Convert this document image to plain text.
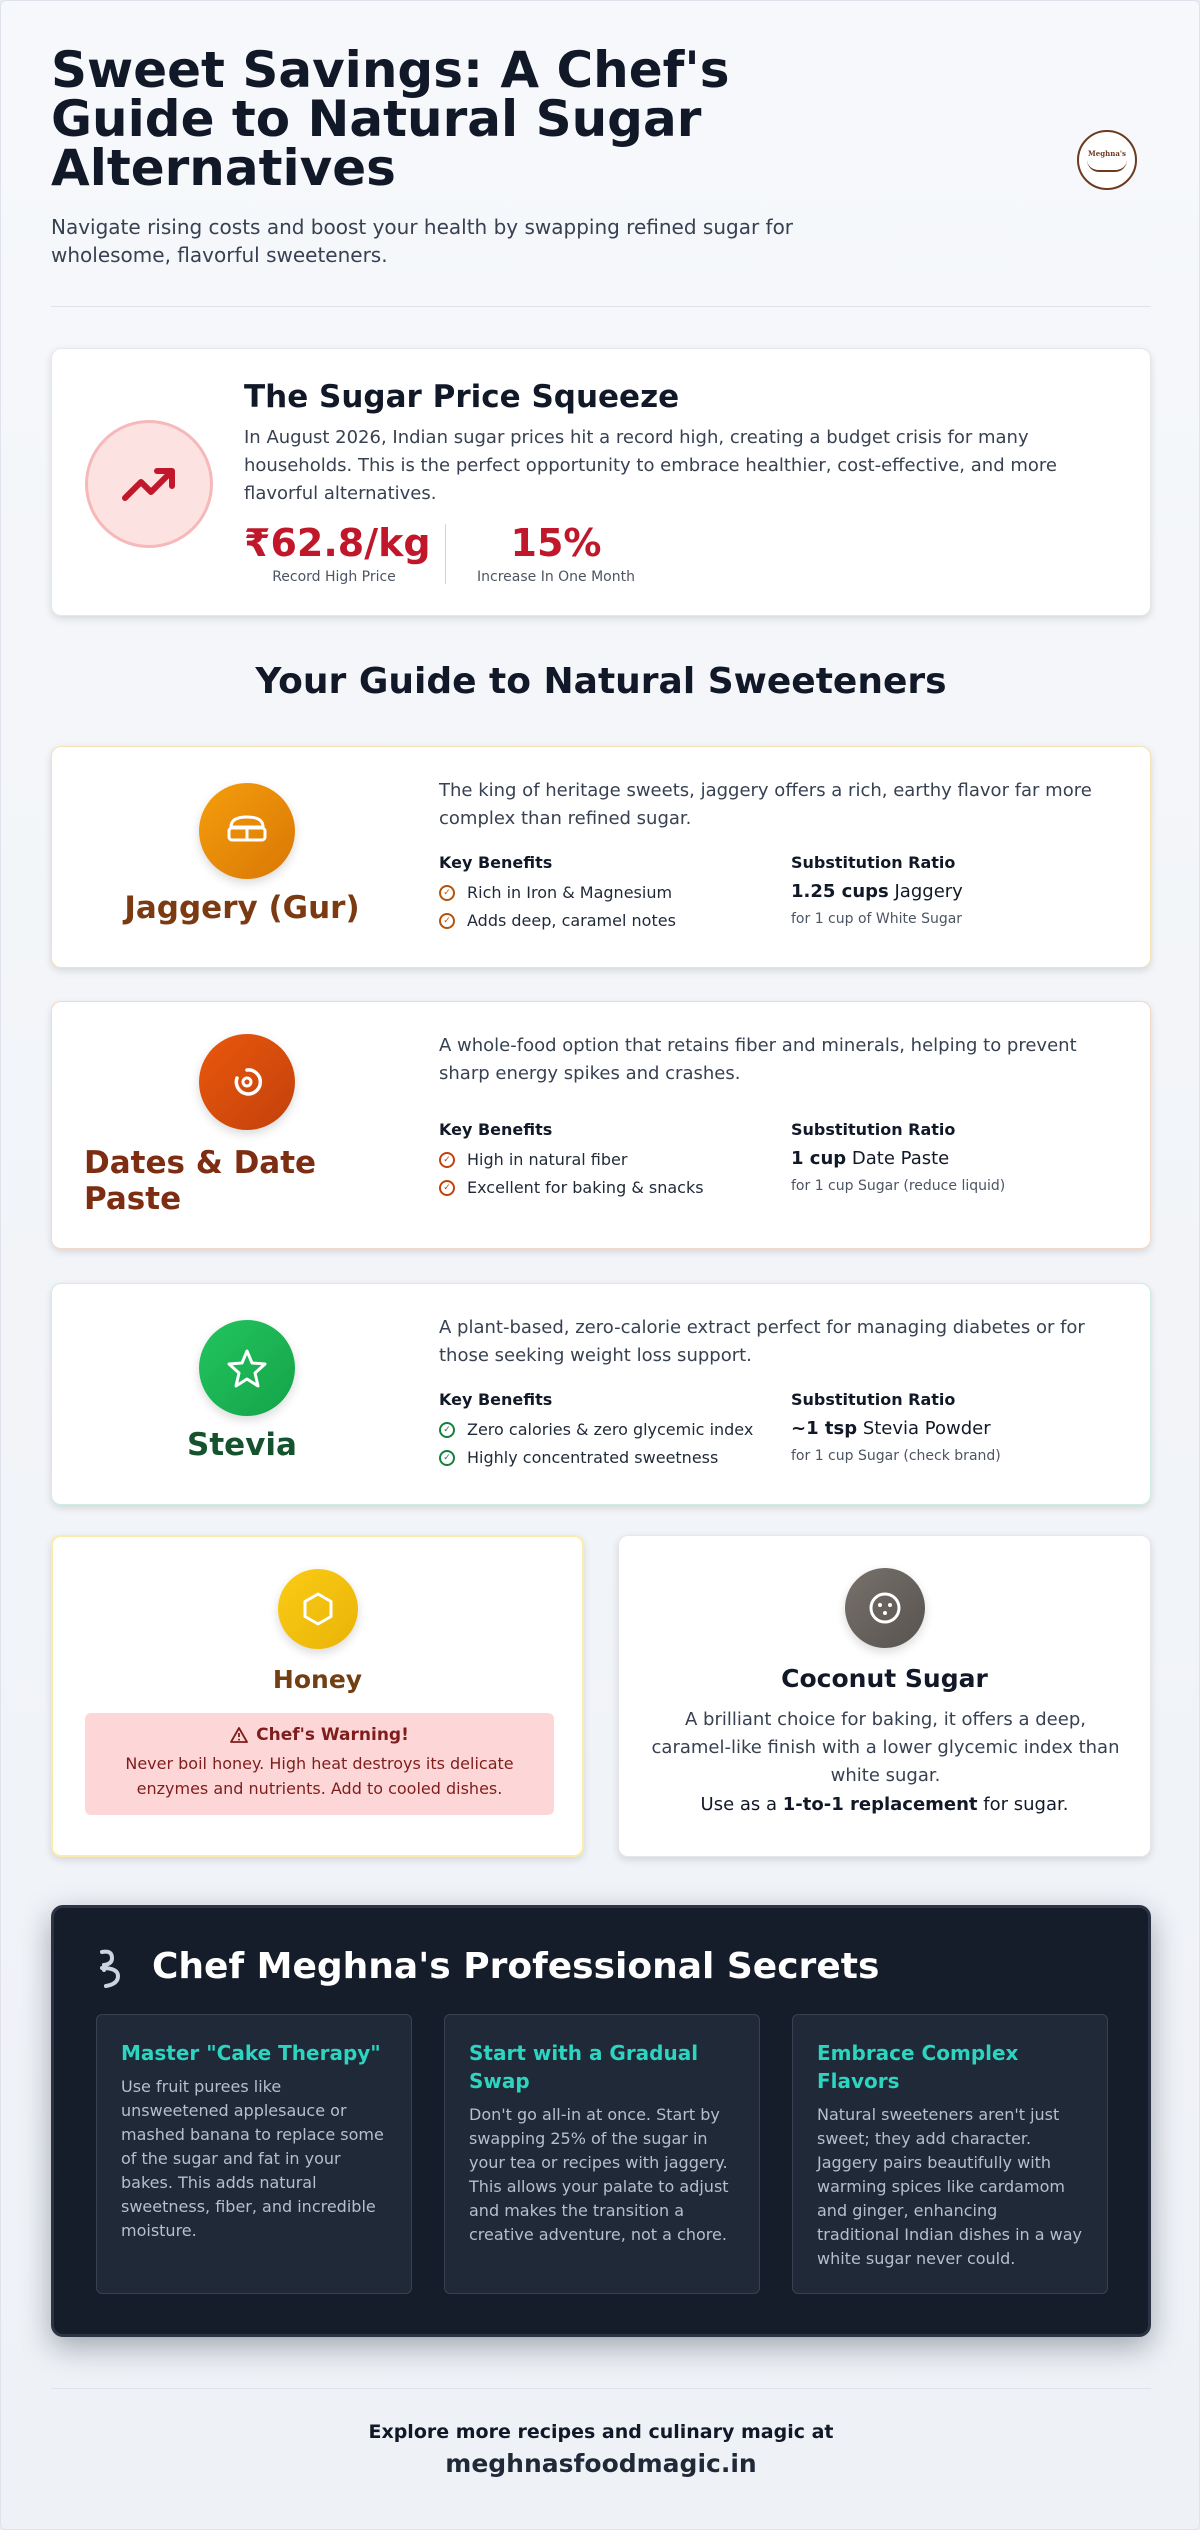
Sweet Savings: A Chef's Guide to Natural Sugar Alternatives

Navigate rising costs and boost your health by swapping refined sugar for wholesome, flavorful sweeteners.

Meghna's
The Sugar Price Squeeze
In August 2026, Indian sugar prices hit a record high, creating a budget crisis for many households. This is the perfect opportunity to embrace healthier, cost-effective, and more flavorful alternatives.
₹62.8/kg
Record High Price
15%
Increase In One Month
Your Guide to Natural Sweeteners
Jaggery (Gur)
The king of heritage sweets, jaggery offers a rich, earthy flavor far more complex than refined sugar.
Key Benefits
✓ Rich in Iron & Magnesium
✓ Adds deep, caramel notes
Substitution Ratio
1.25 cups Jaggery
for 1 cup of White Sugar
Dates & Date Paste
A whole-food option that retains fiber and minerals, helping to prevent sharp energy spikes and crashes.
Key Benefits
✓ High in natural fiber
✓ Excellent for baking & snacks
Substitution Ratio
1 cup Date Paste
for 1 cup Sugar (reduce liquid)
Stevia
A plant-based, zero-calorie extract perfect for managing diabetes or for those seeking weight loss support.
Key Benefits
✓ Zero calories & zero glycemic index
✓ Highly concentrated sweetness
Substitution Ratio
~1 tsp Stevia Powder
for 1 cup Sugar (check brand)
Honey
Chef's Warning!
Never boil honey. High heat destroys its delicate enzymes and nutrients. Add to cooled dishes.
Coconut Sugar
A brilliant choice for baking, it offers a deep, caramel-like finish with a lower glycemic index than white sugar.
Use as a 1-to-1 replacement for sugar.
Chef Meghna's Professional Secrets
Master "Cake Therapy"
Use fruit purees like unsweetened applesauce or mashed banana to replace some of the sugar and fat in your bakes. This adds natural sweetness, fiber, and incredible moisture.
Start with a Gradual Swap
Don't go all-in at once. Start by swapping 25% of the sugar in your tea or recipes with jaggery. This allows your palate to adjust and makes the transition a creative adventure, not a chore.
Embrace Complex Flavors
Natural sweeteners aren't just sweet; they add character. Jaggery pairs beautifully with warming spices like cardamom and ginger, enhancing traditional Indian dishes in a way white sugar never could.
Explore more recipes and culinary magic at
meghnasfoodmagic.in
